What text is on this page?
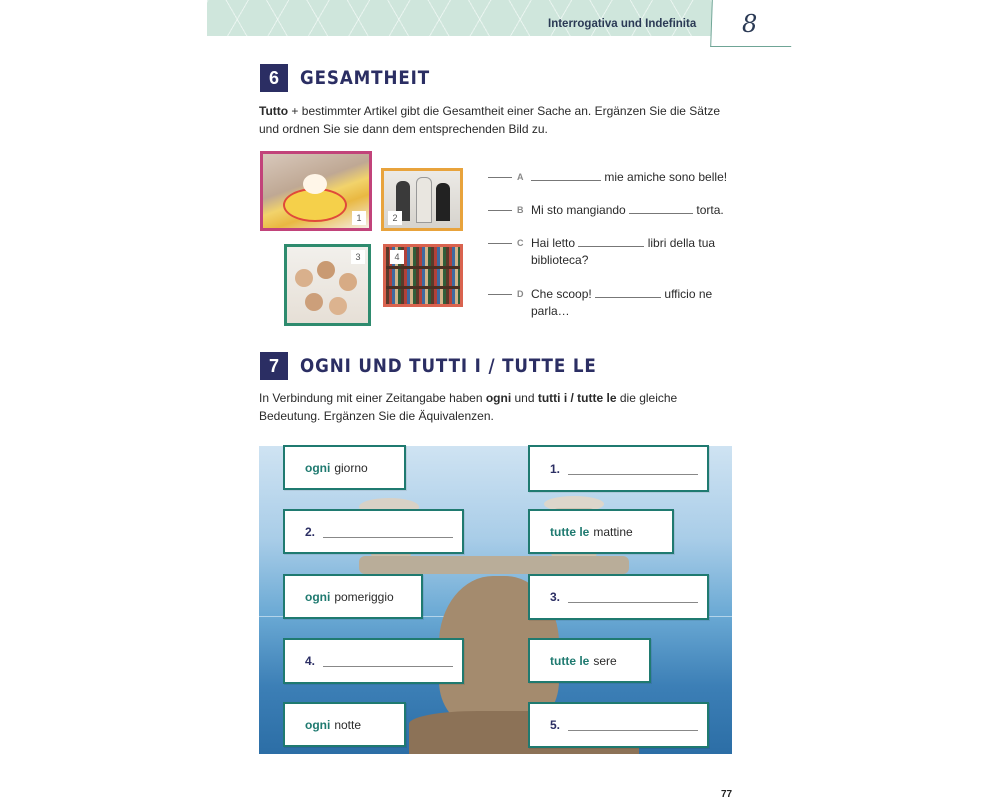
Interrogativa und Indefinita 8
6	GESAMTHEIT
Tutto + bestimmter Artikel gibt die Gesamtheit einer Sache an. Ergänzen Sie die Sätze
und ordnen Sie sie dann dem entsprechenden Bild zu.
1	2
3	4
A	mie amiche sono belle!
B Mi sto mangiando	torta.
C Hai letto	libri della tua
biblioteca?
D Che scoop!	ufficio ne
parla…
7	OGNI UND TUTTI I / TUTTE LE
In Verbindung mit einer Zeitangabe haben ogni und tutti i / tutte le die gleiche
Bedeutung. Ergänzen Sie die Äquivalenzen.
ogni giorno	1.
2.	tutte le mattine
ogni pomeriggio	3.
4.	tutte le sere
ogni notte	5.
77
